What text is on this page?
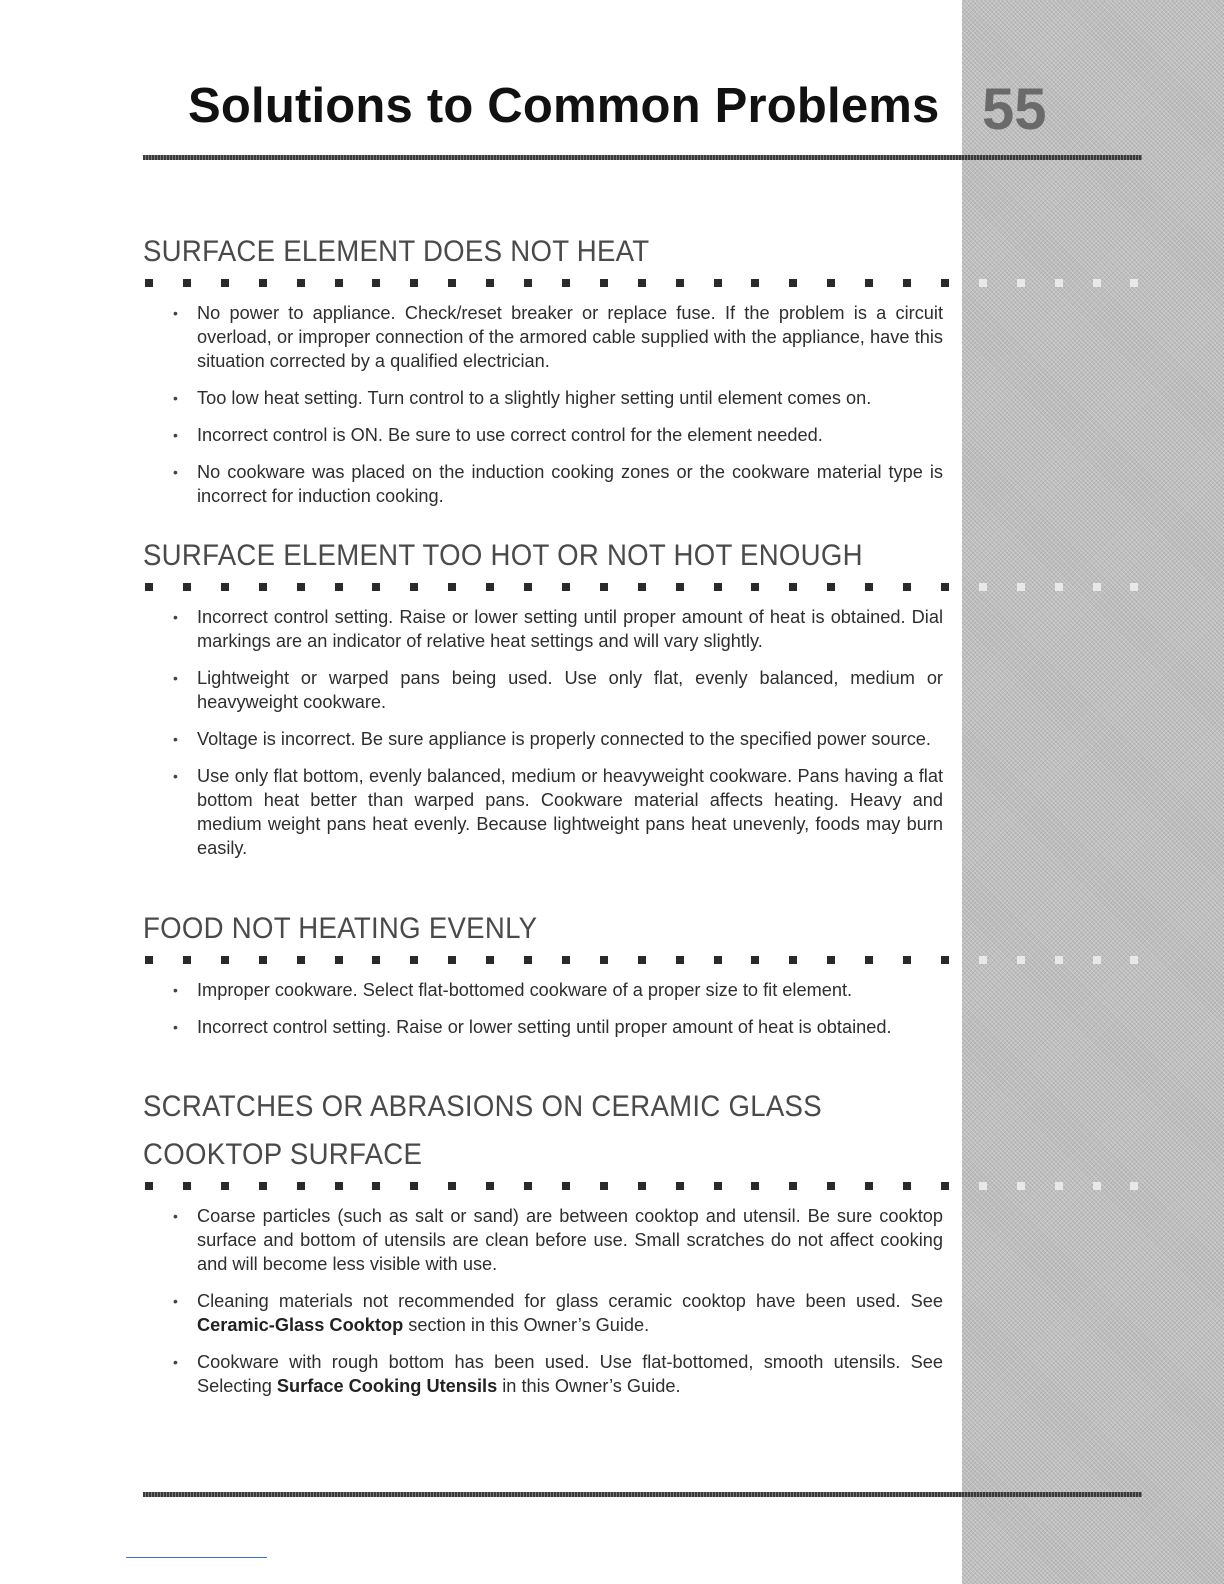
Solutions to Common Problems 55
SURFACE ELEMENT DOES NOT HEAT
• No power to appliance. Check/reset breaker or replace fuse. If the problem is a circuit overload, or improper connection of the armored cable supplied with the appliance, have this situation corrected by a qualified electrician.
• Too low heat setting. Turn control to a slightly higher setting until element comes on.
• Incorrect control is ON. Be sure to use correct control for the element needed.
• No cookware was placed on the induction cooking zones or the cookware material type is incorrect for induction cooking.
SURFACE ELEMENT TOO HOT OR NOT HOT ENOUGH
• Incorrect control setting. Raise or lower setting until proper amount of heat is obtained. Dial markings are an indicator of relative heat settings and will vary slightly.
• Lightweight or warped pans being used. Use only flat, evenly balanced, medium or heavyweight cookware.
• Voltage is incorrect. Be sure appliance is properly connected to the specified power source.
• Use only flat bottom, evenly balanced, medium or heavyweight cookware. Pans having a flat bottom heat better than warped pans. Cookware material affects heating. Heavy and medium weight pans heat evenly. Because lightweight pans heat unevenly, foods may burn easily.
FOOD NOT HEATING EVENLY
• Improper cookware. Select flat-bottomed cookware of a proper size to fit element.
• Incorrect control setting. Raise or lower setting until proper amount of heat is obtained.
SCRATCHES OR ABRASIONS ON CERAMIC GLASS COOKTOP SURFACE
• Coarse particles (such as salt or sand) are between cooktop and utensil. Be sure cooktop surface and bottom of utensils are clean before use. Small scratches do not affect cooking and will become less visible with use.
• Cleaning materials not recommended for glass ceramic cooktop have been used. See Ceramic-Glass Cooktop section in this Owner’s Guide.
• Cookware with rough bottom has been used. Use flat-bottomed, smooth utensils. See Selecting Surface Cooking Utensils in this Owner’s Guide.
